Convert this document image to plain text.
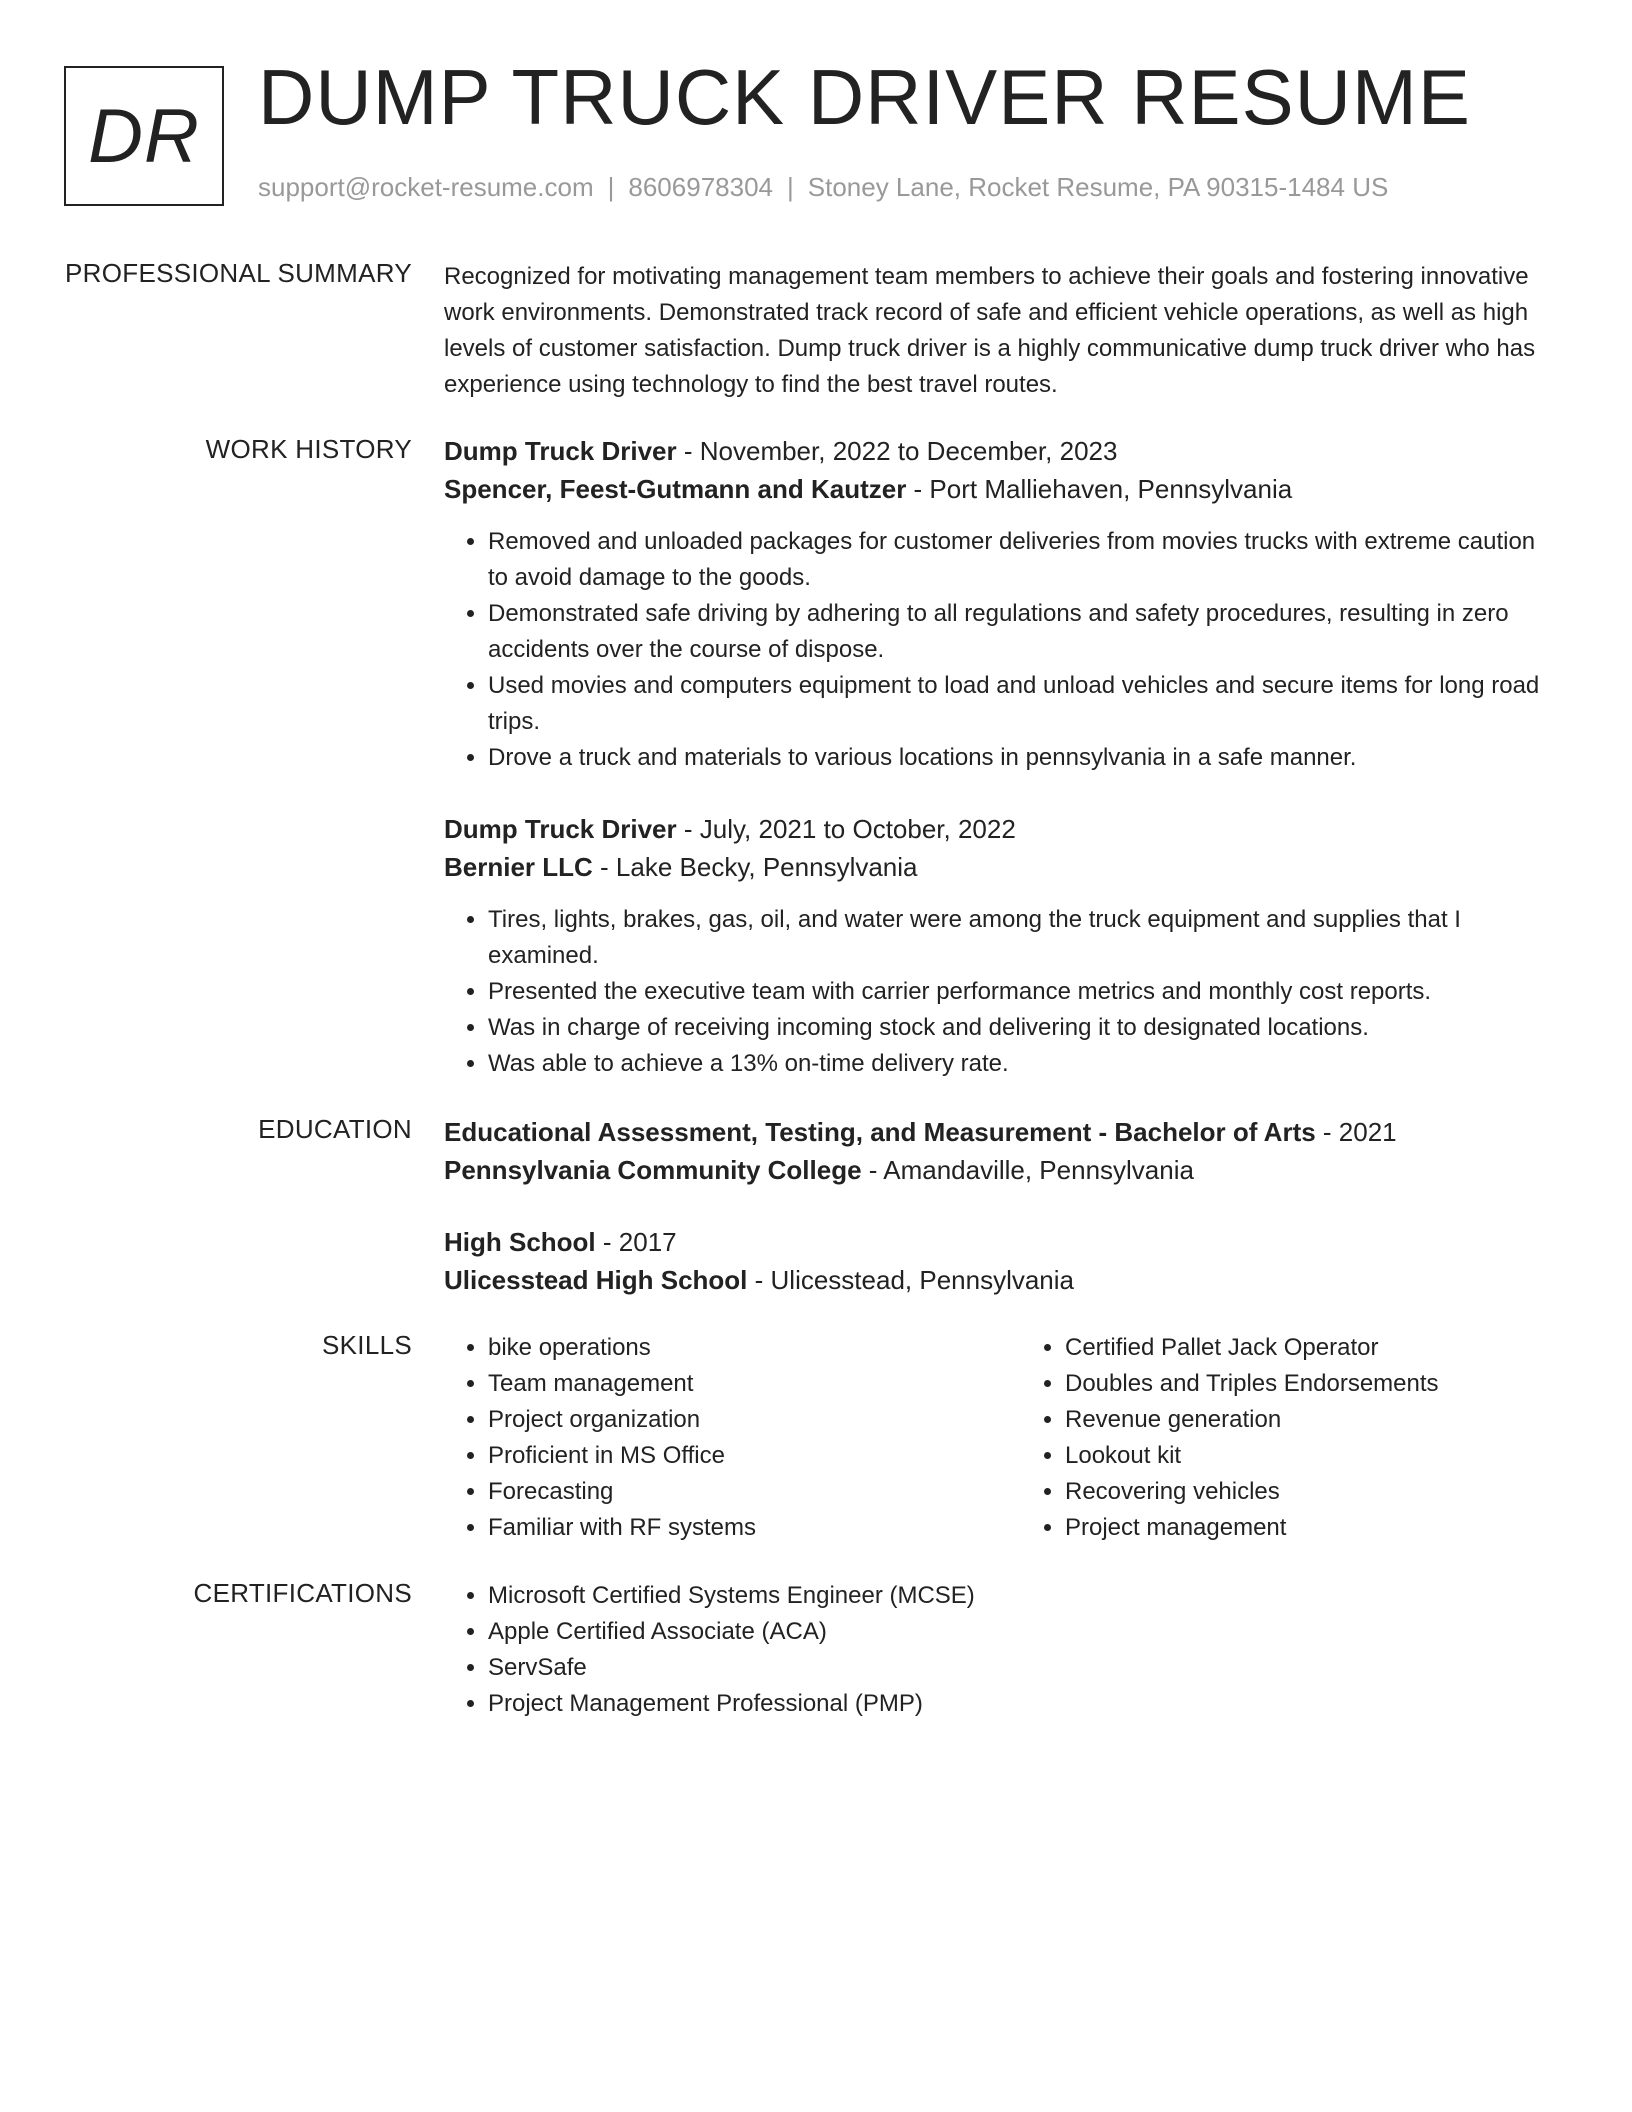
DR DUMP TRUCK DRIVER RESUME
support@rocket-resume.com | 8606978304 | Stoney Lane, Rocket Resume, PA 90315-1484 US
PROFESSIONAL SUMMARY Recognized for motivating management team members to achieve their goals and fostering innovative work environments. Demonstrated track record of safe and efficient vehicle operations, as well as high levels of customer satisfaction. Dump truck driver is a highly communicative dump truck driver who has experience using technology to find the best travel routes.

WORK HISTORY Dump Truck Driver - November, 2022 to December, 2023
Spencer, Feest-Gutmann and Kautzer - Port Malliehaven, Pennsylvania
• Removed and unloaded packages for customer deliveries from movies trucks with extreme caution to avoid damage to the goods.
• Demonstrated safe driving by adhering to all regulations and safety procedures, resulting in zero accidents over the course of dispose.
• Used movies and computers equipment to load and unload vehicles and secure items for long road trips.
• Drove a truck and materials to various locations in pennsylvania in a safe manner.
Dump Truck Driver - July, 2021 to October, 2022
Bernier LLC - Lake Becky, Pennsylvania
• Tires, lights, brakes, gas, oil, and water were among the truck equipment and supplies that I examined.
• Presented the executive team with carrier performance metrics and monthly cost reports.
• Was in charge of receiving incoming stock and delivering it to designated locations.
• Was able to achieve a 13% on-time delivery rate.
EDUCATION Educational Assessment, Testing, and Measurement - Bachelor of Arts - 2021
Pennsylvania Community College - Amandaville, Pennsylvania
High School - 2017
Ulicesstead High School - Ulicesstead, Pennsylvania
SKILLS	• bike operations
• Team management
• Project organization
• Proficient in MS Office
• Forecasting
• Familiar with RF systems
• Certified Pallet Jack Operator
• Doubles and Triples Endorsements
• Revenue generation
• Lookout kit
• Recovering vehicles
• Project management
CERTIFICATIONS	• Microsoft Certified Systems Engineer (MCSE)
• Apple Certified Associate (ACA)
• ServSafe
• Project Management Professional (PMP)
